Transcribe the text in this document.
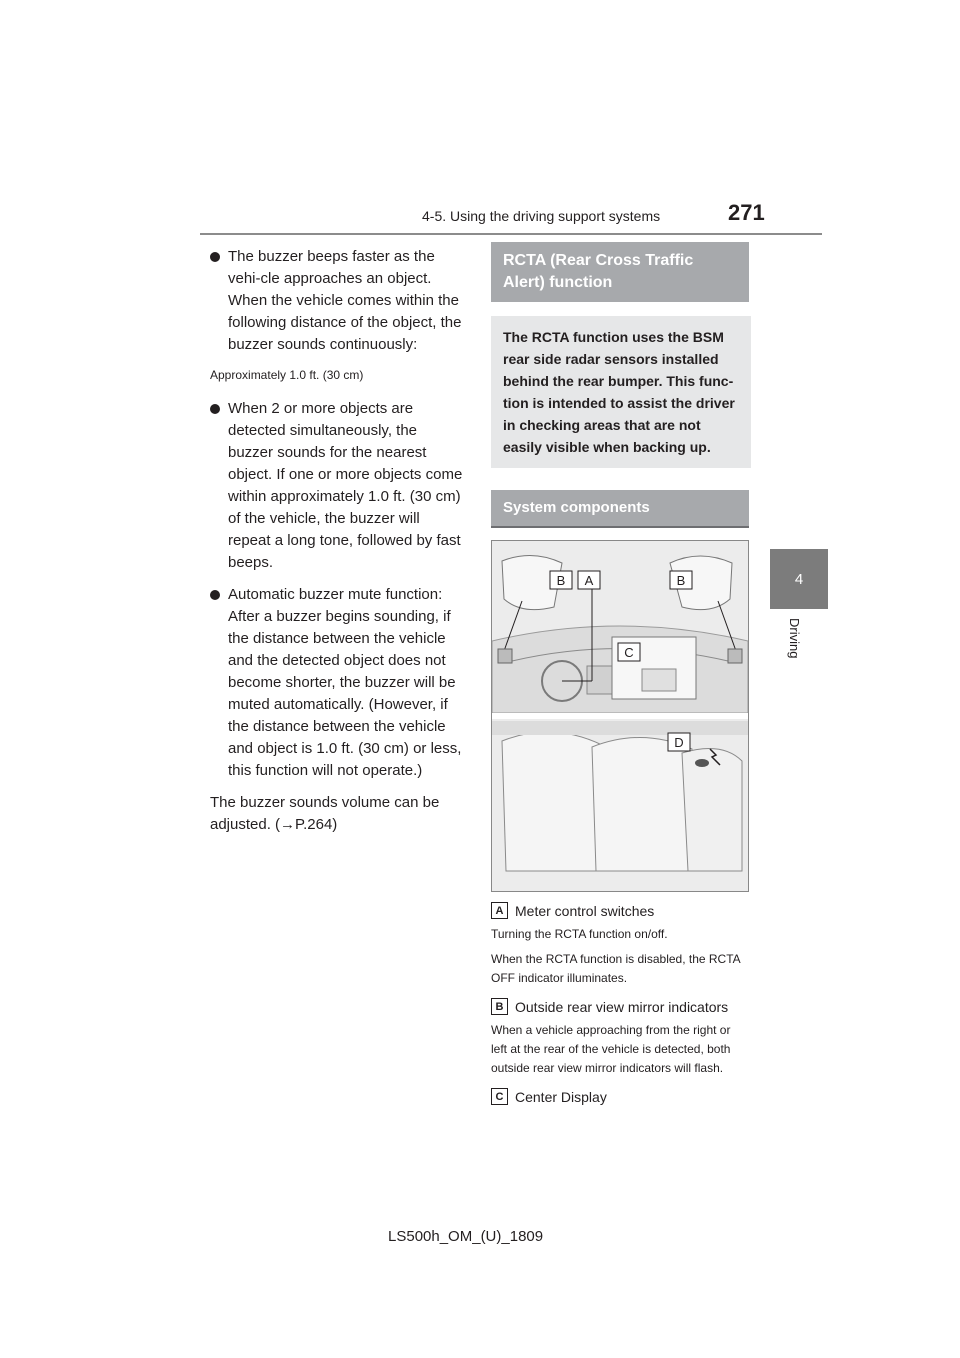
4-5. Using the driving support systems	271
4
Driving
The buzzer beeps faster as the vehi-cle approaches an object. When the vehicle comes within the following distance of the object, the buzzer sounds continuously:
Approximately 1.0 ft. (30 cm)
When 2 or more objects are detected simultaneously, the buzzer sounds for the nearest object. If one or more objects come within approximately 1.0 ft. (30 cm) of the vehicle, the buzzer will repeat a long tone, followed by fast beeps.
Automatic buzzer mute function: After a buzzer begins sounding, if the distance between the vehicle and the detected object does not become shorter, the buzzer will be muted automatically. (However, if the distance between the vehicle and object is 1.0 ft. (30 cm) or less, this function will not operate.)
The buzzer sounds volume can be adjusted. (→P.264)
RCTA (Rear Cross Traffic Alert) function
The RCTA function uses the BSM rear side radar sensors installed behind the rear bumper. This func-tion is intended to assist the driver in checking areas that are not easily visible when backing up.
System components
B A	B
C
D
A Meter control switches
Turning the RCTA function on/off.
When the RCTA function is disabled, the RCTA OFF indicator illuminates.
B Outside rear view mirror indicators
When a vehicle approaching from the right or left at the rear of the vehicle is detected, both outside rear view mirror indicators will flash.
C Center Display
LS500h_OM_(U)_1809
